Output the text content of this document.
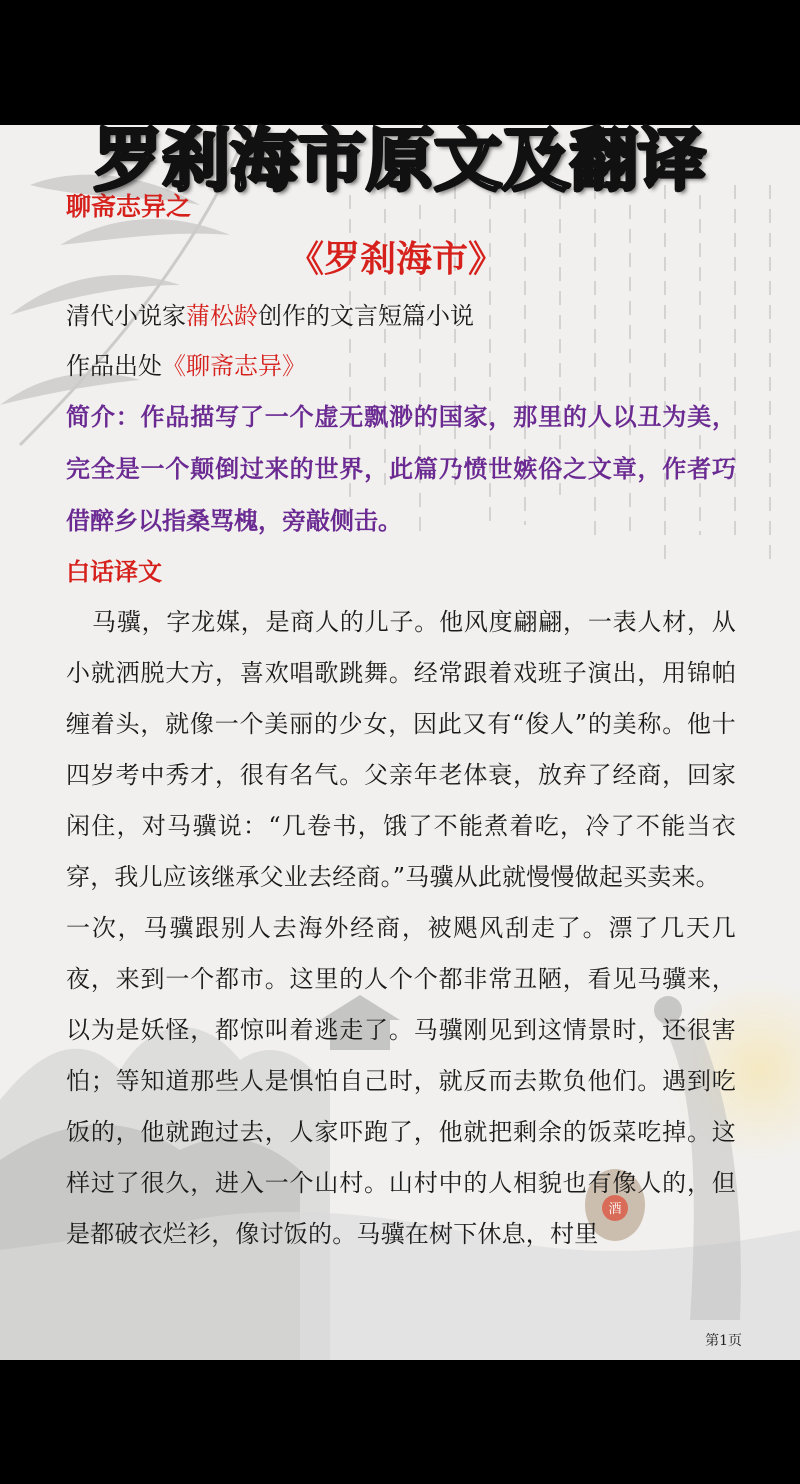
酒
第1页
罗刹海市原文及翻译

聊斋志异之

《罗刹海市》

清代小说家蒲松龄创作的文言短篇小说

作品出处《聊斋志异》

简介：作品描写了一个虚无飘渺的国家，那里的人以丑为美，完全是一个颠倒过来的世界，此篇乃愤世嫉俗之文章，作者巧借醉乡以指桑骂槐，旁敲侧击。

白话译文

马骥，字龙媒，是商人的儿子。他风度翩翩，一表人材，从小就洒脱大方，喜欢唱歌跳舞。经常跟着戏班子演出，用锦帕缠着头，就像一个美丽的少女，因此又有“俊人”的美称。他十四岁考中秀才，很有名气。父亲年老体衰，放弃了经商，回家闲住，对马骥说：“几卷书，饿了不能煮着吃，冷了不能当衣穿，我儿应该继承父业去经商。”马骥从此就慢慢做起买卖来。

一次，马骥跟别人去海外经商，被飓风刮走了。漂了几天几夜，来到一个都市。这里的人个个都非常丑陋，看见马骥来，以为是妖怪，都惊叫着逃走了。马骥刚见到这情景时，还很害怕；等知道那些人是惧怕自己时，就反而去欺负他们。遇到吃饭的，他就跑过去，人家吓跑了，他就把剩余的饭菜吃掉。这样过了很久，进入一个山村。山村中的人相貌也有像人的，但是都破衣烂衫，像讨饭的。马骥在树下休息，村里
